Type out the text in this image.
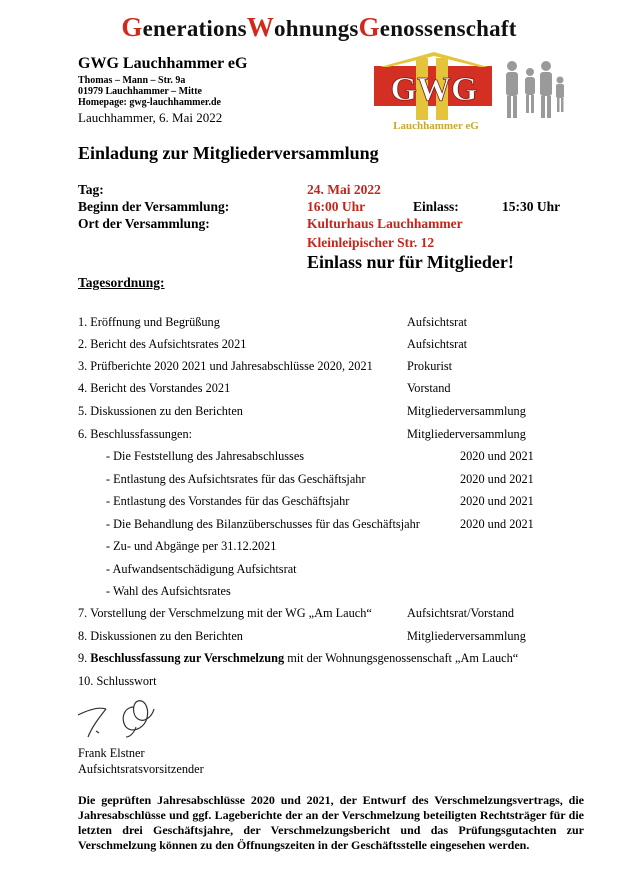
GenerationsWohnungsGenossenschaft
GWG Lauchhammer eG
Thomas – Mann – Str. 9a
01979 Lauchhammer – Mitte
Homepage: gwg-lauchhammer.de
Lauchhammer, 6. Mai 2022
GWG
Lauchhammer eG
Einladung zur Mitgliederversammlung
Tag:	24. Mai 2022
Beginn der Versammlung:	16:00 Uhr	Einlass:	15:30 Uhr
Ort der Versammlung:	Kulturhaus Lauchhammer
Kleinleipischer Str. 12
Einlass nur für Mitglieder!
Tagesordnung:
1. Eröffnung und Begrüßung	Aufsichtsrat
2. Bericht des Aufsichtsrates 2021	Aufsichtsrat
3. Prüfberichte 2020 2021 und Jahresabschlüsse 2020, 2021	Prokurist
4. Bericht des Vorstandes 2021	Vorstand
5. Diskussionen zu den Berichten	Mitgliederversammlung
6. Beschlussfassungen:	Mitgliederversammlung
- Die Feststellung des Jahresabschlusses	2020 und 2021
- Entlastung des Aufsichtsrates für das Geschäftsjahr	2020 und 2021
- Entlastung des Vorstandes für das Geschäftsjahr	2020 und 2021
- Die Behandlung des Bilanzüberschusses für das Geschäftsjahr	2020 und 2021
- Zu- und Abgänge per 31.12.2021
- Aufwandsentschädigung Aufsichtsrat
- Wahl des Aufsichtsrates
7. Vorstellung der Verschmelzung mit der WG „Am Lauch“	Aufsichtsrat/Vorstand
8. Diskussionen zu den Berichten	Mitgliederversammlung
9. Beschlussfassung zur Verschmelzung mit der Wohnungsgenossenschaft „Am Lauch“
10. Schlusswort
Frank Elstner
Aufsichtsratsvorsitzender
Die geprüften Jahresabschlüsse 2020 und 2021, der Entwurf des Verschmelzungsvertrags, die Jahresabschlüsse und ggf. Lageberichte der an der Verschmelzung beteiligten Rechtsträger für die letzten drei Geschäftsjahre, der Verschmelzungsbericht und das Prüfungsgutachten zur Verschmelzung können zu den Öffnungszeiten in der Geschäftsstelle eingesehen werden.
